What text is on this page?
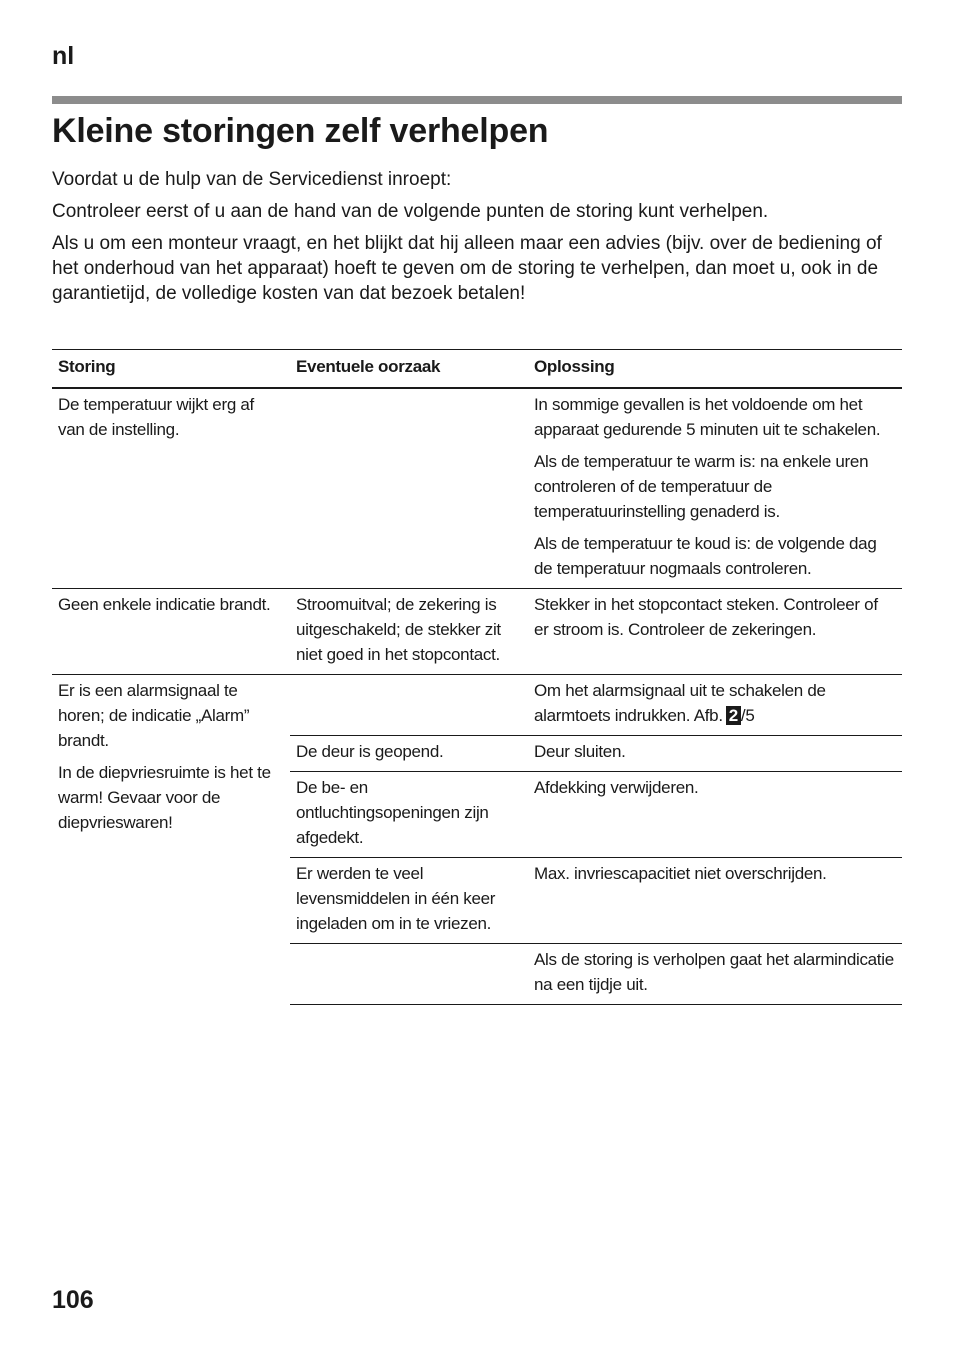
nl
Kleine storingen zelf verhelpen

Voordat u de hulp van de Servicedienst inroept:

Controleer eerst of u aan de hand van de volgende punten de storing kunt verhelpen.

Als u om een monteur vraagt, en het blijkt dat hij alleen maar een advies (bijv. over de bediening of het onderhoud van het apparaat) hoeft te geven om de storing te verhelpen, dan moet u, ook in de garantietijd, de volledige kosten van dat bezoek betalen!

Storing	Eventuele oorzaak	Oplossing

De temperatuur wijkt erg af van de instelling.		In sommige gevallen is het voldoende om het apparaat gedurende 5 minuten uit te schakelen.

Als de temperatuur te warm is: na enkele uren controleren of de temperatuur de temperatuurinstelling genaderd is.

Als de temperatuur te koud is: de volgende dag de temperatuur nogmaals controleren.

Geen enkele indicatie brandt.	Stroomuitval; de zekering is uitgeschakeld; de stekker zit niet goed in het stopcontact.	Stekker in het stopcontact steken. Controleer of er stroom is. Controleer de zekeringen.

Er is een alarmsignaal te horen; de indicatie „Alarm” brandt.

In de diepvriesruimte is het te warm! Gevaar voor de diepvrieswaren!		Om het alarmsignaal uit te schakelen de alarmtoets indrukken. Afb. 2 /5
	De deur is geopend.	Deur sluiten.
	De be- en ontluchtingsopeningen zijn afgedekt.	Afdekking verwijderen.
	Er werden te veel levensmiddelen in één keer ingeladen om in te vriezen.	Max. invriescapacitiet niet overschrijden.
		Als de storing is verholpen gaat het alarmindicatie na een tijdje uit.
106
